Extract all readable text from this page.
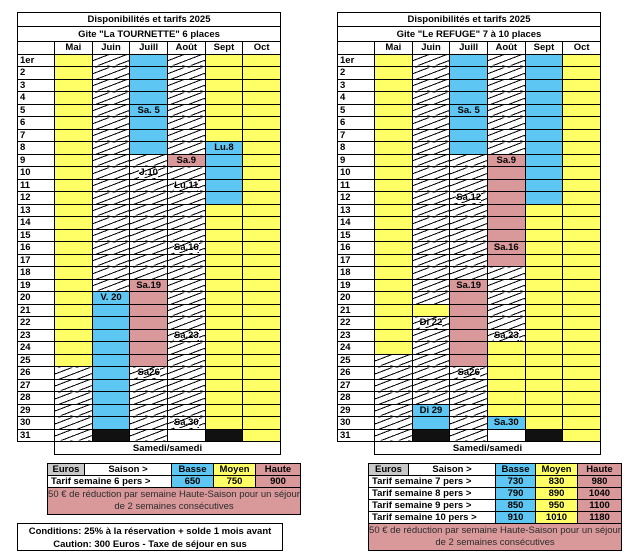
Disponibilités et tarifs 2025						
Gite "La TOURNETTE" 6 places						
	Mai	Juin	Juill	Août	Sept	Oct
1er						
2						
3						
4						
5			Sa. 5			
6						
7						
8					Lu.8	
9				Sa.9		
10			J.10			
11				Lu.11		
12						
13						
14						
15						
16				Sa.16		
17						
18						
19			Sa.19			
20		V. 20				
21						
22						
23				Sa.23		
24						
25						
26			Sa26			
27						
28						
29						
30				Sa.30		
31						
	Samedi/samedi					
Disponibilités et tarifs 2025						
Gite "Le REFUGE" 7 à 10 places						
	Mai	Juin	Juill	Août	Sept	Oct
1er						
2						
3						
4						
5			Sa. 5			
6						
7						
8						
9				Sa.9		
10						
11						
12			Sa.12			
13						
14						
15						
16				Sa.16		
17						
18						
19			Sa.19			
20						
21						
22		Di 22				
23				Sa.23		
24						
25						
26			Sa26			
27						
28						
29		Di 29				
30				Sa.30		
31						
	Samedi/samedi					
Euros	Saison >	Basse	Moyen	Haute
Tarif semaine 6 pers >		650	750	900
50 € de réduction par semaine Haute-Saison pour un séjour de 2 semaines consécutives				
Euros	Saison >	Basse	Moyen	Haute
Tarif semaine 7 pers >		730	830	980
Tarif semaine 8 pers >		790	890	1040
Tarif semaine 9 pers >		850	950	1100
Tarif semaine 10 pers >		910	1010	1180
50 € de réduction par semaine Haute-Saison pour un séjour de 2 semaines consécutives				
Conditions: 25% à la réservation + solde 1 mois avant
Caution: 300 Euros - Taxe de séjour en sus
